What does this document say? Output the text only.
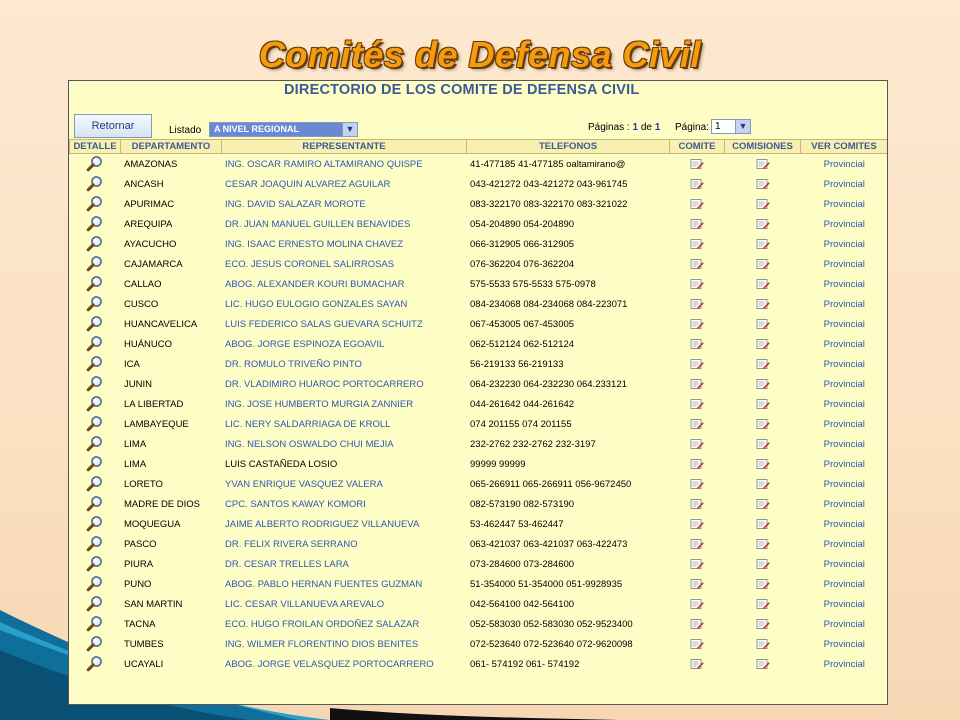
Comités de Defensa Civil
DIRECTORIO DE LOS COMITE DE DEFENSA CIVIL
Retornar	Listado	A NIVEL REGIONAL	▼	Páginas : 1 de 1 Página: 1	▼
DETALLE	DEPARTAMENTO	REPRESENTANTE	TELEFONOS	COMITE	COMISIONES	VER COMITES
	AMAZONAS	ING. OSCAR RAMIRO ALTAMIRANO QUISPE	41-477185 41-477185 oaltamirano@			Provincial
	ANCASH	CESAR JOAQUIN ALVAREZ AGUILAR	043-421272 043-421272 043-961745			Provincial
	APURIMAC	ING. DAVID SALAZAR MOROTE	083-322170 083-322170 083-321022			Provincial
	AREQUIPA	DR. JUAN MANUEL GUILLEN BENAVIDES	054-204890 054-204890			Provincial
	AYACUCHO	ING. ISAAC ERNESTO MOLINA CHAVEZ	066-312905 066-312905			Provincial
	CAJAMARCA	ECO. JESUS CORONEL SALIRROSAS	076-362204 076-362204			Provincial
	CALLAO	ABOG. ALEXANDER KOURI BUMACHAR	575-5533 575-5533 575-0978			Provincial
	CUSCO	LIC. HUGO EULOGIO GONZALES SAYAN	084-234068 084-234068 084-223071			Provincial
	HUANCAVELICA	LUIS FEDERICO SALAS GUEVARA SCHUITZ	067-453005 067-453005			Provincial
	HUÁNUCO	ABOG. JORGE ESPINOZA EGOAVIL	062-512124 062-512124			Provincial
	ICA	DR. ROMULO TRIVEÑO PINTO	56-219133 56-219133			Provincial
	JUNIN	DR. VLADIMIRO HUAROC PORTOCARRERO	064-232230 064-232230 064.233121			Provincial
	LA LIBERTAD	ING. JOSE HUMBERTO MURGIA ZANNIER	044-261642 044-261642			Provincial
	LAMBAYEQUE	LIC. NERY SALDARRIAGA DE KROLL	074 201155 074 201155			Provincial
	LIMA	ING. NELSON OSWALDO CHUI MEJIA	232-2762 232-2762 232-3197			Provincial
	LIMA	LUIS CASTAÑEDA LOSIO	99999 99999			Provincial
	LORETO	YVAN ENRIQUE VASQUEZ VALERA	065-266911 065-266911 056-9672450			Provincial
	MADRE DE DIOS	CPC. SANTOS KAWAY KOMORI	082-573190 082-573190			Provincial
	MOQUEGUA	JAIME ALBERTO RODRIGUEZ VILLANUEVA	53-462447 53-462447			Provincial
	PASCO	DR. FELIX RIVERA SERRANO	063-421037 063-421037 063-422473			Provincial
	PIURA	DR. CESAR TRELLES LARA	073-284600 073-284600			Provincial
	PUNO	ABOG. PABLO HERNAN FUENTES GUZMAN	51-354000 51-354000 051-9928935			Provincial
	SAN MARTIN	LIC. CESAR VILLANUEVA AREVALO	042-564100 042-564100			Provincial
	TACNA	ECO. HUGO FROILAN ORDOÑEZ SALAZAR	052-583030 052-583030 052-9523400			Provincial
	TUMBES	ING. WILMER FLORENTINO DIOS BENITES	072-523640 072-523640 072-9620098			Provincial
	UCAYALI	ABOG. JORGE VELASQUEZ PORTOCARRERO	061- 574192 061- 574192			Provincial
